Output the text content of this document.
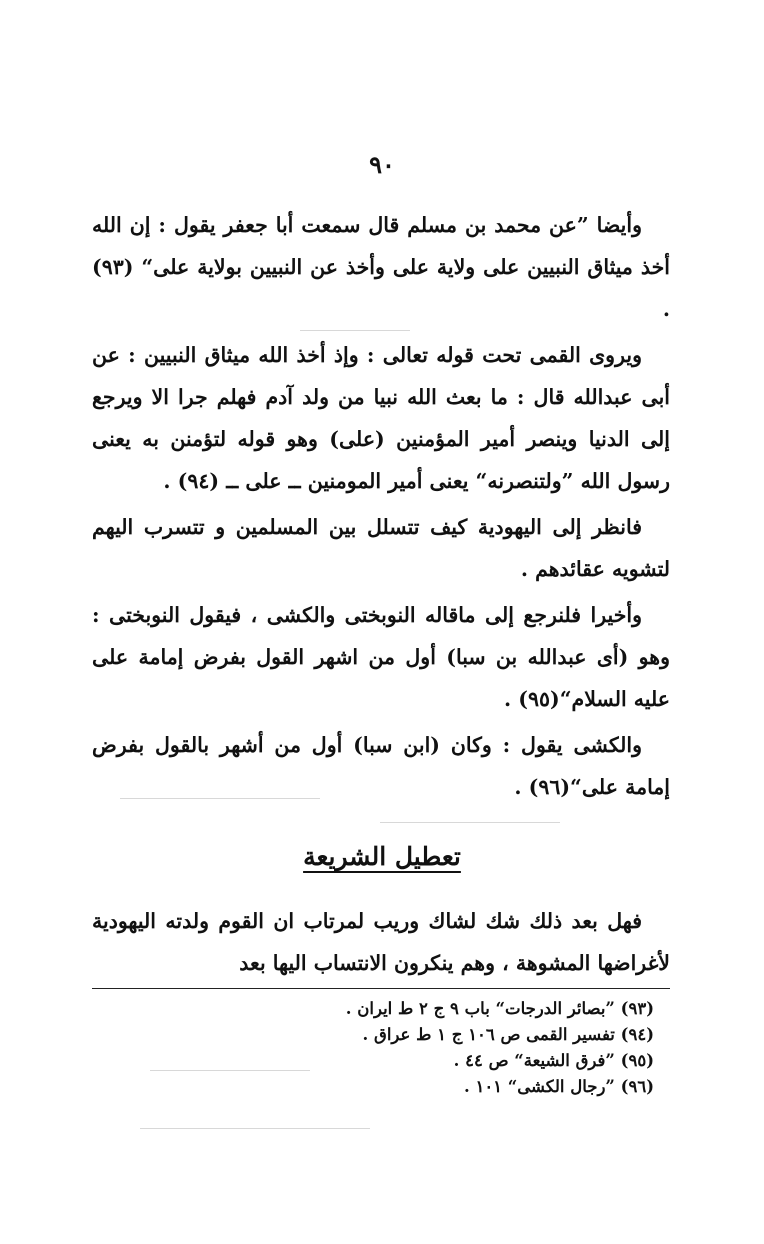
٩٠

وأيضا ”عن محمد بن مسلم قال سمعت أبا جعفر يقول : إن الله أخذ ميثاق النبيين على ولاية على وأخذ عن النبيين بولاية على“ (٩٣) .

ويروى القمى تحت قوله تعالى : وإذ أخذ الله ميثاق النبيين : عن أبى عبدالله قال : ما بعث الله نبيا من ولد آدم فهلم جرا الا ويرجع إلى الدنيا وينصر أمير المؤمنين (على) وهو قوله لتؤمنن به يعنى رسول الله ”ولتنصرنه“ يعنى أمير المومنين ــ على ــ (٩٤) .

فانظر إلى اليهودية كيف تتسلل بين المسلمين و تتسرب اليهم لتشويه عقائدهم .

وأخيرا فلنرجع إلى ماقاله النوبختى والكشى ، فيقول النوبختى : وهو (أى عبدالله بن سبا) أول من اشهر القول بفرض إمامة على عليه السلام“(٩٥) .

والكشى يقول : وكان (ابن سبا) أول من أشهر بالقول بفرض إمامة على“(٩٦) .

تعطيل الشريعة

فهل بعد ذلك شك لشاك وريب لمرتاب ان القوم ولدته اليهودية لأغراضها المشوهة ، وهم ينكرون الانتساب اليها بعد

(٩٣) ”بصائر الدرجات“ باب ٩ ج ٢ ط ايران .
(٩٤) تفسير القمى ص ١٠٦ ج ١ ط عراق .
(٩٥) ”فرق الشيعة“ ص ٤٤ .
(٩٦) ”رجال الكشى“ ١٠١ .
